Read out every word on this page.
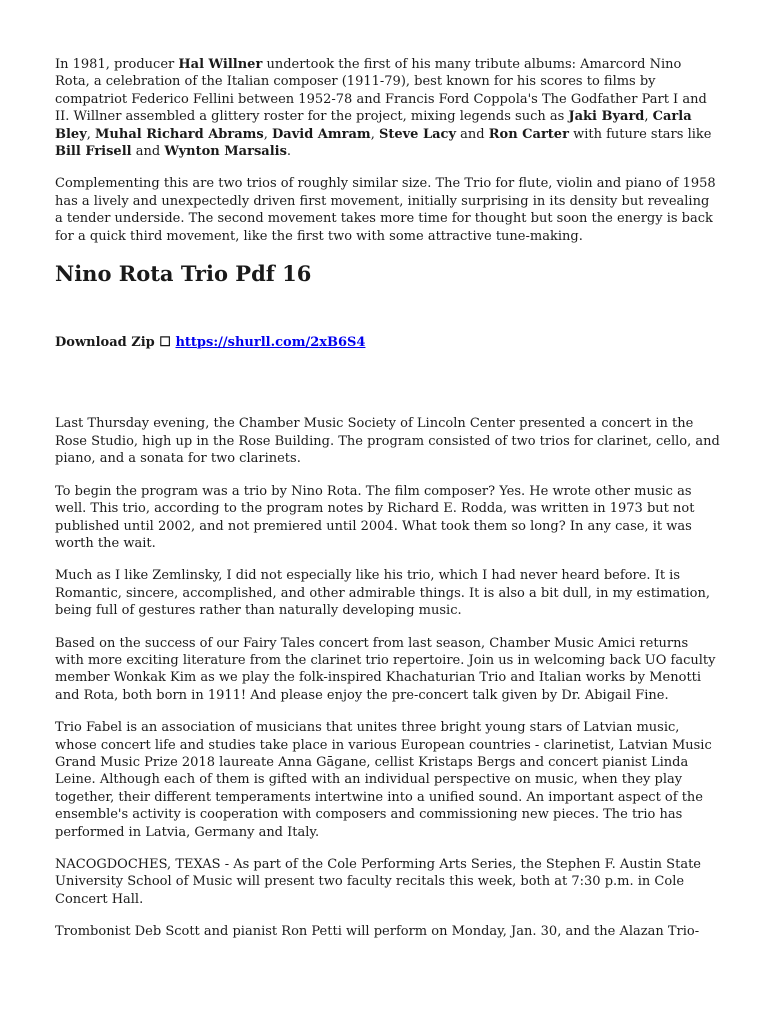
In 1981, producer Hal Willner undertook the first of his many tribute albums: Amarcord Nino Rota, a celebration of the Italian composer (1911-79), best known for his scores to films by compatriot Federico Fellini between 1952-78 and Francis Ford Coppola's The Godfather Part I and II. Willner assembled a glittery roster for the project, mixing legends such as Jaki Byard, Carla Bley, Muhal Richard Abrams, David Amram, Steve Lacy and Ron Carter with future stars like Bill Frisell and Wynton Marsalis.

Complementing this are two trios of roughly similar size. The Trio for flute, violin and piano of 1958 has a lively and unexpectedly driven first movement, initially surprising in its density but revealing a tender underside. The second movement takes more time for thought but soon the energy is back for a quick third movement, like the first two with some attractive tune-making.

Nino Rota Trio Pdf 16
Download Zip ☐ https://shurll.com/2xB6S4

Last Thursday evening, the Chamber Music Society of Lincoln Center presented a concert in the Rose Studio, high up in the Rose Building. The program consisted of two trios for clarinet, cello, and piano, and a sonata for two clarinets.

To begin the program was a trio by Nino Rota. The film composer? Yes. He wrote other music as well. This trio, according to the program notes by Richard E. Rodda, was written in 1973 but not published until 2002, and not premiered until 2004. What took them so long? In any case, it was worth the wait.

Much as I like Zemlinsky, I did not especially like his trio, which I had never heard before. It is Romantic, sincere, accomplished, and other admirable things. It is also a bit dull, in my estimation, being full of gestures rather than naturally developing music.

Based on the success of our Fairy Tales concert from last season, Chamber Music Amici returns with more exciting literature from the clarinet trio repertoire. Join us in welcoming back UO faculty member Wonkak Kim as we play the folk-inspired Khachaturian Trio and Italian works by Menotti and Rota, both born in 1911! And please enjoy the pre-concert talk given by Dr. Abigail Fine.

Trio Fabel is an association of musicians that unites three bright young stars of Latvian music, whose concert life and studies take place in various European countries - clarinetist, Latvian Music Grand Music Prize 2018 laureate Anna Gāgane, cellist Kristaps Bergs and concert pianist Linda Leine. Although each of them is gifted with an individual perspective on music, when they play together, their different temperaments intertwine into a unified sound. An important aspect of the ensemble's activity is cooperation with composers and commissioning new pieces. The trio has performed in Latvia, Germany and Italy.

NACOGDOCHES, TEXAS - As part of the Cole Performing Arts Series, the Stephen F. Austin State University School of Music will present two faculty recitals this week, both at 7:30 p.m. in Cole Concert Hall.

Trombonist Deb Scott and pianist Ron Petti will perform on Monday, Jan. 30, and the Alazan Trio-
